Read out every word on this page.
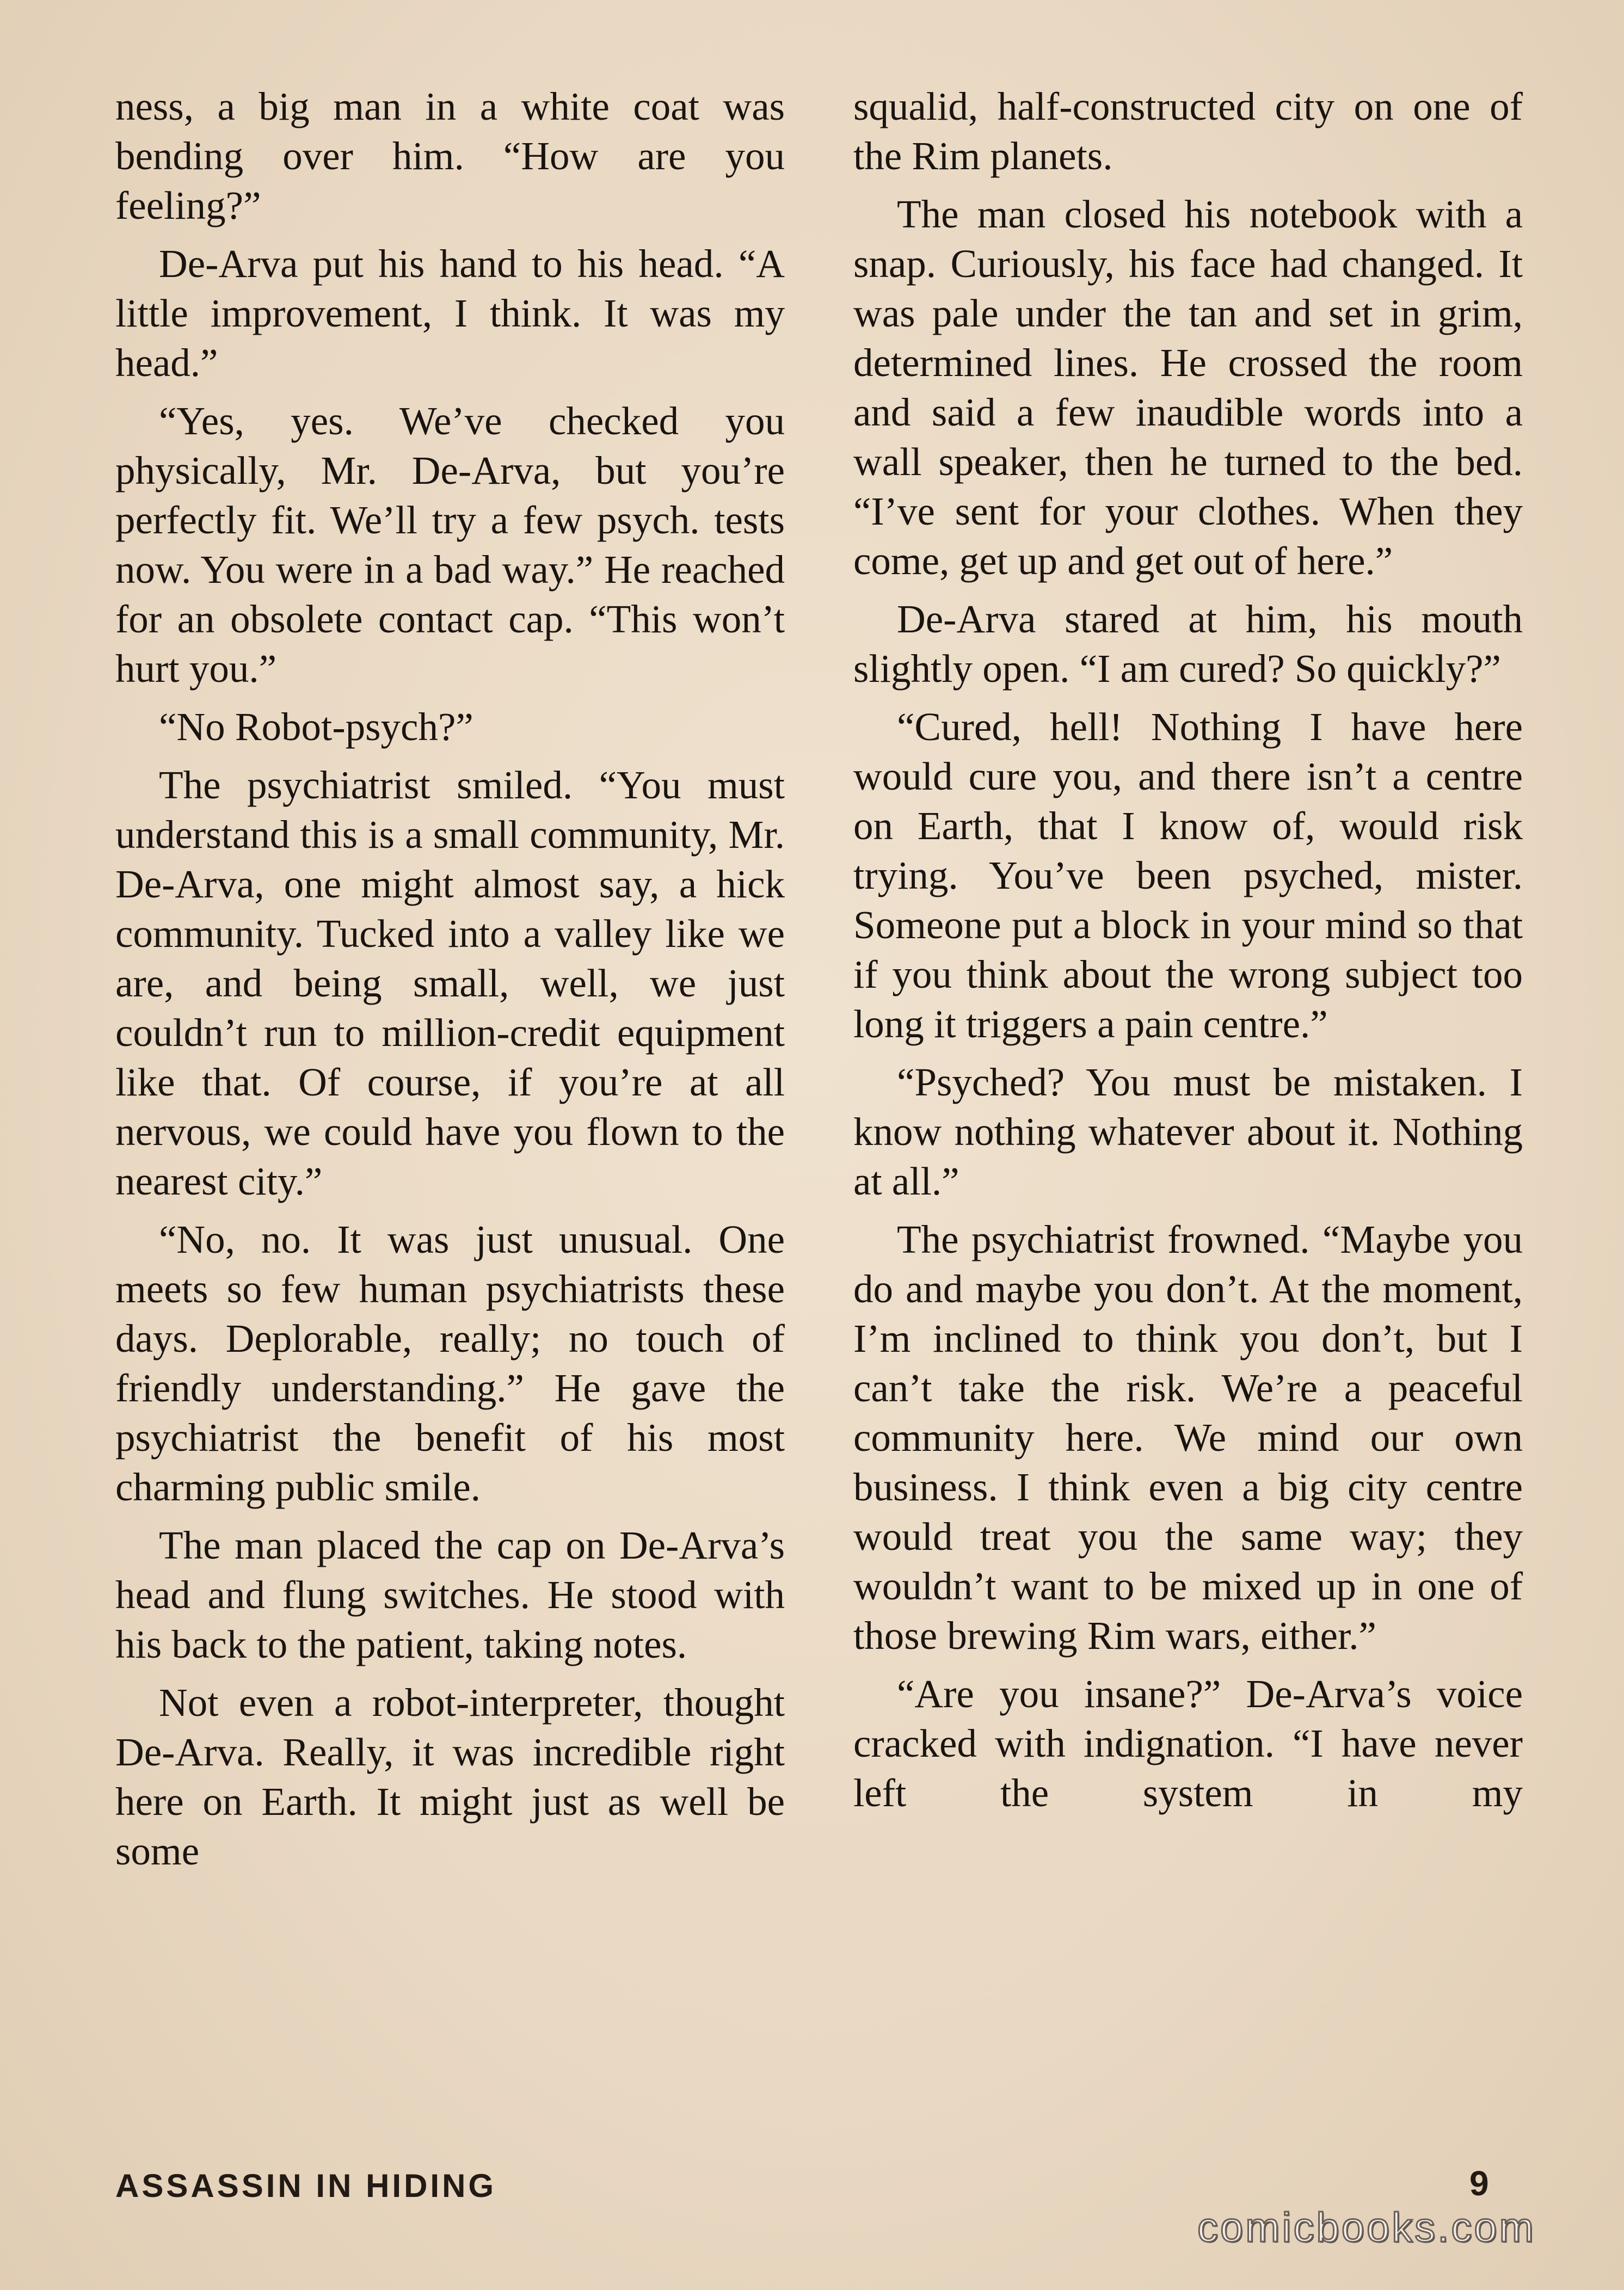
ness, a big man in a white coat was bending over him. “How are you feeling?”

De-Arva put his hand to his head. “A little improvement, I think. It was my head.”

“Yes, yes. We’ve checked you physically, Mr. De-Arva, but you’re perfectly fit. We’ll try a few psych. tests now. You were in a bad way.” He reached for an obsolete contact cap. “This won’t hurt you.”

“No Robot-psych?”

The psychiatrist smiled. “You must understand this is a small community, Mr. De-Arva, one might almost say, a hick community. Tucked into a valley like we are, and being small, well, we just couldn’t run to million-credit equipment like that. Of course, if you’re at all nervous, we could have you flown to the nearest city.”

“No, no. It was just unusual. One meets so few human psychiatrists these days. Deplorable, really; no touch of friendly understanding.” He gave the psychiatrist the benefit of his most charming public smile.

The man placed the cap on De-Arva’s head and flung switches. He stood with his back to the patient, taking notes.

Not even a robot-interpreter, thought De-Arva. Really, it was incredible right here on Earth. It might just as well be some

squalid, half-constructed city on one of the Rim planets.

The man closed his notebook with a snap. Curiously, his face had changed. It was pale under the tan and set in grim, determined lines. He crossed the room and said a few inaudible words into a wall speaker, then he turned to the bed. “I’ve sent for your clothes. When they come, get up and get out of here.”

De-Arva stared at him, his mouth slightly open. “I am cured? So quickly?”

“Cured, hell! Nothing I have here would cure you, and there isn’t a centre on Earth, that I know of, would risk trying. You’ve been psyched, mister. Someone put a block in your mind so that if you think about the wrong subject too long it triggers a pain centre.”

“Psyched? You must be mistaken. I know nothing whatever about it. Nothing at all.”

The psychiatrist frowned. “Maybe you do and maybe you don’t. At the moment, I’m inclined to think you don’t, but I can’t take the risk. We’re a peaceful community here. We mind our own business. I think even a big city centre would treat you the same way; they wouldn’t want to be mixed up in one of those brewing Rim wars, either.”

“Are you insane?” De-Arva’s voice cracked with indignation. “I have never left the system in my

ASSASSIN IN HIDING	9
comicbooks.com
